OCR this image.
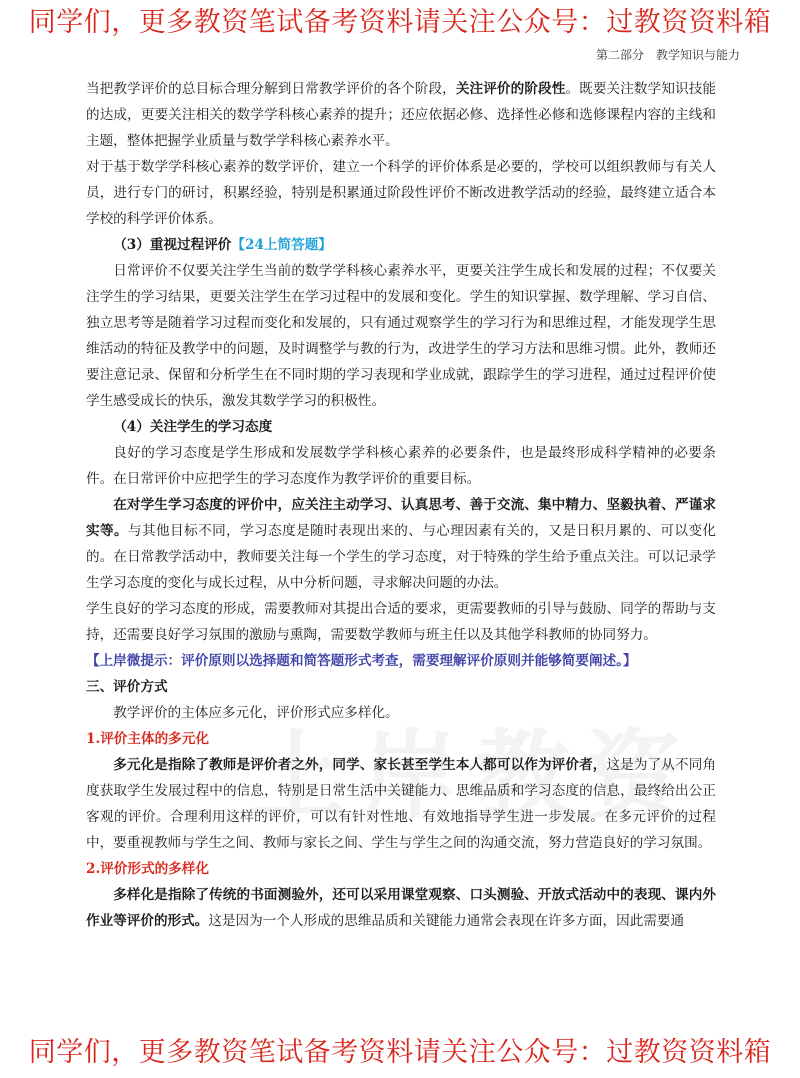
同学们，更多教资笔试备考资料请关注公众号：过教资资料箱
第二部分　教学知识与能力

当把教学评价的总目标合理分解到日常教学评价的各个阶段，关注评价的阶段性。既要关注数学知识技能的达成，更要关注相关的数学学科核心素养的提升；还应依据必修、选择性必修和选修课程内容的主线和主题，整体把握学业质量与数学学科核心素养水平。

对于基于数学学科核心素养的数学评价，建立一个科学的评价体系是必要的，学校可以组织教师与有关人员，进行专门的研讨，积累经验，特别是积累通过阶段性评价不断改进教学活动的经验，最终建立适合本学校的科学评价体系。

（3）重视过程评价【24上简答题】

日常评价不仅要关注学生当前的数学学科核心素养水平，更要关注学生成长和发展的过程；不仅要关注学生的学习结果，更要关注学生在学习过程中的发展和变化。学生的知识掌握、数学理解、学习自信、独立思考等是随着学习过程而变化和发展的，只有通过观察学生的学习行为和思维过程，才能发现学生思维活动的特征及教学中的问题，及时调整学与教的行为，改进学生的学习方法和思维习惯。此外，教师还要注意记录、保留和分析学生在不同时期的学习表现和学业成就，跟踪学生的学习进程，通过过程评价使学生感受成长的快乐，激发其数学学习的积极性。

（4）关注学生的学习态度

良好的学习态度是学生形成和发展数学学科核心素养的必要条件，也是最终形成科学精神的必要条件。在日常评价中应把学生的学习态度作为教学评价的重要目标。

在对学生学习态度的评价中，应关注主动学习、认真思考、善于交流、集中精力、坚毅执着、严谨求实等。与其他目标不同，学习态度是随时表现出来的、与心理因素有关的，又是日积月累的、可以变化的。在日常教学活动中，教师要关注每一个学生的学习态度，对于特殊的学生给予重点关注。可以记录学生学习态度的变化与成长过程，从中分析问题，寻求解决问题的办法。

学生良好的学习态度的形成，需要教师对其提出合适的要求，更需要教师的引导与鼓励、同学的帮助与支持，还需要良好学习氛围的激励与熏陶，需要数学教师与班主任以及其他学科教师的协同努力。

【上岸微提示：评价原则以选择题和简答题形式考查，需要理解评价原则并能够简要阐述。】

三、评价方式

教学评价的主体应多元化，评价形式应多样化。

1.评价主体的多元化

多元化是指除了教师是评价者之外，同学、家长甚至学生本人都可以作为评价者，这是为了从不同角度获取学生发展过程中的信息，特别是日常生活中关键能力、思维品质和学习态度的信息，最终给出公正客观的评价。合理利用这样的评价，可以有针对性地、有效地指导学生进一步发展。在多元评价的过程中，要重视教师与学生之间、教师与家长之间、学生与学生之间的沟通交流，努力营造良好的学习氛围。

2.评价形式的多样化

多样化是指除了传统的书面测验外，还可以采用课堂观察、口头测验、开放式活动中的表现、课内外作业等评价的形式。这是因为一个人形成的思维品质和关键能力通常会表现在许多方面，因此需要通

同学们，更多教资笔试备考资料请关注公众号：过教资资料箱
